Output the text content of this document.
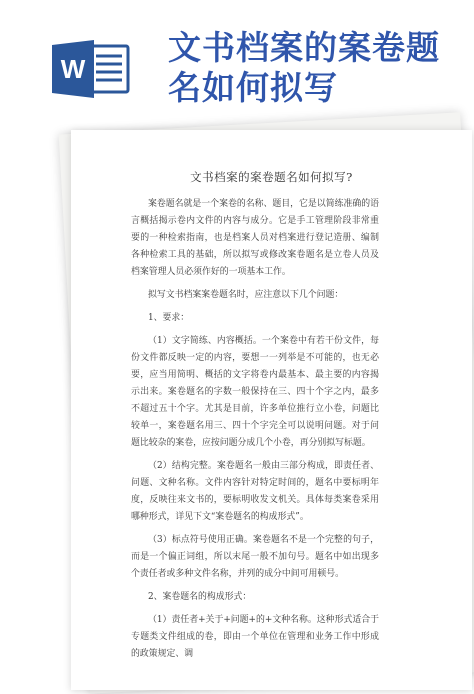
W
文书档案的案卷题
名如何拟写
文书档案的案卷题名如何拟写?

案卷题名就是一个案卷的名称、题目，它是以简练准确的语言概括揭示卷内文件的内容与成分。它是手工管理阶段非常重要的一种检索指南，也是档案人员对档案进行登记造册、编制各种检索工具的基础，所以拟写或修改案卷题名是立卷人员及档案管理人员必须作好的一项基本工作。

拟写文书档案案卷题名时，应注意以下几个问题：

1、要求：

（1）文字简练、内容概括。一个案卷中有若干份文件，每份文件都反映一定的内容，要想一一列举是不可能的，也无必要，应当用简明、概括的文字将卷内最基本、最主要的内容揭示出来。案卷题名的字数一般保持在三、四十个字之内，最多不超过五十个字。尤其是目前，许多单位推行立小卷，问题比较单一，案卷题名用三、四十个字完全可以说明问题。对于问题比较杂的案卷，应按问题分成几个小卷，再分别拟写标题。

（2）结构完整。案卷题名一般由三部分构成，即责任者、问题、文种名称。文件内容针对特定时间的，题名中要标明年度，反映往来文书的，要标明收发文机关。具体每类案卷采用哪种形式，详见下文“案卷题名的构成形式”。

（3）标点符号使用正确。案卷题名不是一个完整的句子，而是一个偏正词组，所以末尾一般不加句号。题名中如出现多个责任者或多种文件名称，并列的成分中间可用顿号。

2、案卷题名的构成形式：

（1）责任者+关于+问题+的+文种名称。这种形式适合于专题类文件组成的卷，即由一个单位在管理和业务工作中形成的政策规定、调
